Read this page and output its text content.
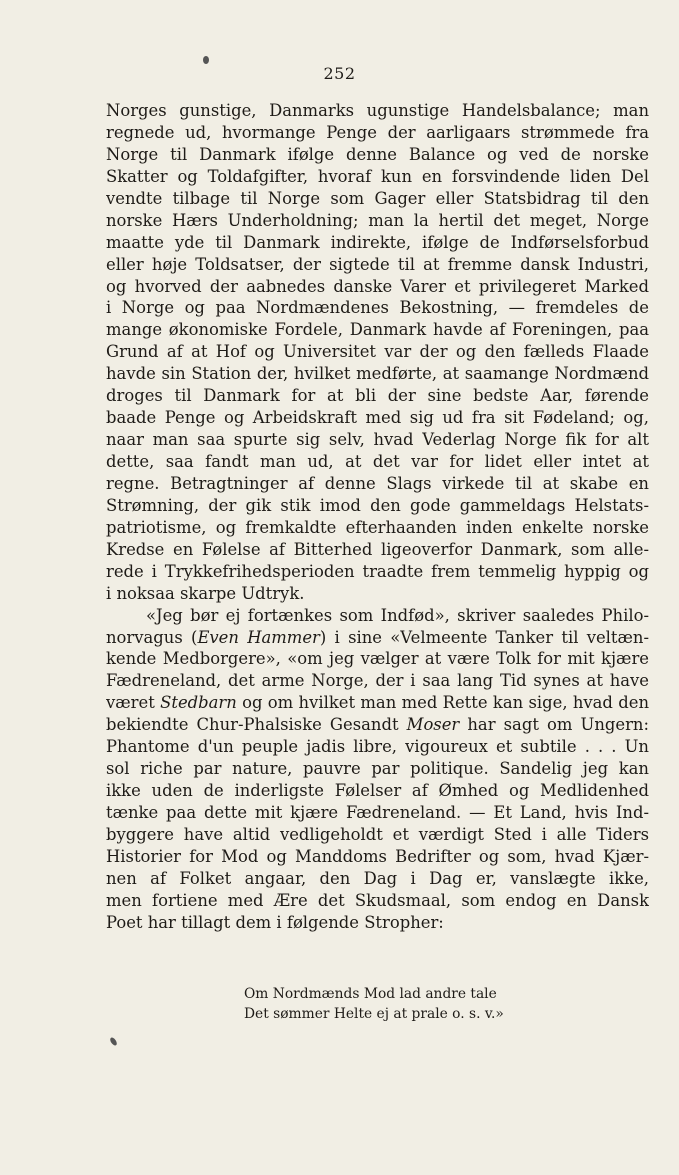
252
Norges gunstige, Danmarks ugunstige Handelsbalance; man
regnede ud, hvormange Penge der aarligaars strømmede fra
Norge til Danmark ifølge denne Balance og ved de norske
Skatter og Toldafgifter, hvoraf kun en forsvindende liden Del
vendte tilbage til Norge som Gager eller Statsbidrag til den
norske Hærs Underholdning; man la hertil det meget, Norge
maatte yde til Danmark indirekte, ifølge de Indførselsforbud
eller høje Toldsatser, der sigtede til at fremme dansk Industri,
og hvorved der aabnedes danske Varer et privilegeret Marked
i Norge og paa Nordmændenes Bekostning, — fremdeles de
mange økonomiske Fordele, Danmark havde af Foreningen, paa
Grund af at Hof og Universitet var der og den fælleds Flaade
havde sin Station der, hvilket medførte, at saamange Nordmænd
droges til Danmark for at bli der sine bedste Aar, førende
baade Penge og Arbeidskraft med sig ud fra sit Fødeland; og,
naar man saa spurte sig selv, hvad Vederlag Norge fik for alt
dette, saa fandt man ud, at det var for lidet eller intet at
regne. Betragtninger af denne Slags virkede til at skabe en
Strømning, der gik stik imod den gode gammeldags Helstats-
patriotisme, og fremkaldte efterhaanden inden enkelte norske
Kredse en Følelse af Bitterhed ligeoverfor Danmark, som alle-
rede i Trykkefrihedsperioden traadte frem temmelig hyppig og
i noksaa skarpe Udtryk.
«Jeg bør ej fortænkes som Indfød», skriver saaledes Philo-
norvagus (Even Hammer) i sine «Velmeente Tanker til veltæn-
kende Medborgere», «om jeg vælger at være Tolk for mit kjære
Fædreneland, det arme Norge, der i saa lang Tid synes at have
været Stedbarn og om hvilket man med Rette kan sige, hvad den
bekiendte Chur-Phalsiske Gesandt Moser har sagt om Ungern:
Phantome d'un peuple jadis libre, vigoureux et subtile . . . Un
sol riche par nature, pauvre par politique. Sandelig jeg kan
ikke uden de inderligste Følelser af Ømhed og Medlidenhed
tænke paa dette mit kjære Fædreneland. — Et Land, hvis Ind-
byggere have altid vedligeholdt et værdigt Sted i alle Tiders
Historier for Mod og Manddoms Bedrifter og som, hvad Kjær-
nen af Folket angaar, den Dag i Dag er, vanslægte ikke,
men fortiene med Ære det Skudsmaal, som endog en Dansk
Poet har tillagt dem i følgende Stropher:
Om Nordmænds Mod lad andre tale
Det sømmer Helte ej at prale o. s. v.»
